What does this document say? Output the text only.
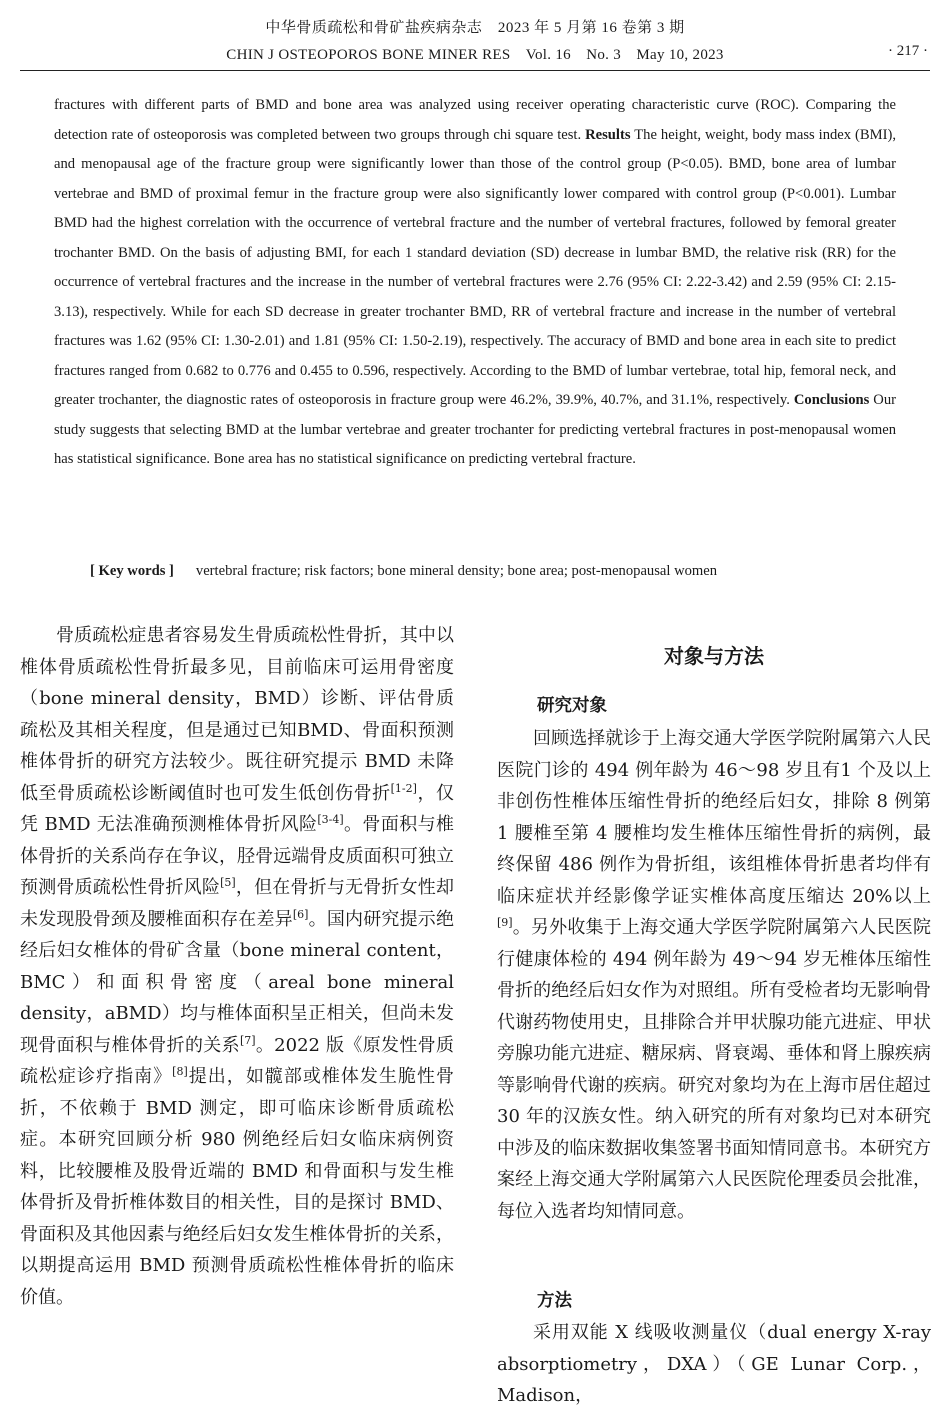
中华骨质疏松和骨矿盐疾病杂志　2023 年 5 月第 16 卷第 3 期
CHIN J OSTEOPOROS BONE MINER RES　Vol. 16　No. 3　May 10, 2023	· 217 ·

fractures with different parts of BMD and bone area was analyzed using receiver operating characteristic curve (ROC). Comparing the detection rate of osteoporosis was completed between two groups through chi square test. Results The height, weight, body mass index (BMI), and menopausal age of the fracture group were significantly lower than those of the control group (P<0.05). BMD, bone area of lumbar vertebrae and BMD of proximal femur in the fracture group were also significantly lower compared with control group (P<0.001). Lumbar BMD had the highest correlation with the occurrence of vertebral fracture and the number of vertebral fractures, followed by femoral greater trochanter BMD. On the basis of adjusting BMI, for each 1 standard deviation (SD) decrease in lumbar BMD, the relative risk (RR) for the occurrence of vertebral fractures and the increase in the number of vertebral fractures were 2.76 (95% CI: 2.22-3.42) and 2.59 (95% CI: 2.15-3.13), respectively. While for each SD decrease in greater trochanter BMD, RR of vertebral fracture and increase in the number of vertebral fractures was 1.62 (95% CI: 1.30-2.01) and 1.81 (95% CI: 1.50-2.19), respectively. The accuracy of BMD and bone area in each site to predict fractures ranged from 0.682 to 0.776 and 0.455 to 0.596, respectively. According to the BMD of lumbar vertebrae, total hip, femoral neck, and greater trochanter, the diagnostic rates of osteoporosis in fracture group were 46.2%, 39.9%, 40.7%, and 31.1%, respectively. Conclusions Our study suggests that selecting BMD at the lumbar vertebrae and greater trochanter for predicting vertebral fractures in post-menopausal women has statistical significance. Bone area has no statistical significance on predicting vertebral fracture.

[ Key words ] vertebral fracture; risk factors; bone mineral density; bone area; post-menopausal women

骨质疏松症患者容易发生骨质疏松性骨折，其中以椎体骨质疏松性骨折最多见，目前临床可运用骨密度（bone mineral density，BMD）诊断、评估骨质疏松及其相关程度，但是通过已知BMD、骨面积预测椎体骨折的研究方法较少。既往研究提示 BMD 未降低至骨质疏松诊断阈值时也可发生低创伤骨折[1-2]，仅凭 BMD 无法准确预测椎体骨折风险[3-4]。骨面积与椎体骨折的关系尚存在争议，胫骨远端骨皮质面积可独立预测骨质疏松性骨折风险[5]，但在骨折与无骨折女性却未发现股骨颈及腰椎面积存在差异[6]。国内研究提示绝经后妇女椎体的骨矿含量（bone mineral content，BMC）和面积骨密度（areal bone mineral density，aBMD）均与椎体面积呈正相关，但尚未发现骨面积与椎体骨折的关系[7]。2022 版《原发性骨质疏松症诊疗指南》[8]提出，如髋部或椎体发生脆性骨折，不依赖于 BMD 测定，即可临床诊断骨质疏松症。本研究回顾分析 980 例绝经后妇女临床病例资料，比较腰椎及股骨近端的 BMD 和骨面积与发生椎体骨折及骨折椎体数目的相关性，目的是探讨 BMD、骨面积及其他因素与绝经后妇女发生椎体骨折的关系，以期提高运用 BMD 预测骨质疏松性椎体骨折的临床价值。

对象与方法
研究对象

回顾选择就诊于上海交通大学医学院附属第六人民医院门诊的 494 例年龄为 46～98 岁且有1 个及以上非创伤性椎体压缩性骨折的绝经后妇女，排除 8 例第 1 腰椎至第 4 腰椎均发生椎体压缩性骨折的病例，最终保留 486 例作为骨折组，该组椎体骨折患者均伴有临床症状并经影像学证实椎体高度压缩达 20%以上[9]。另外收集于上海交通大学医学院附属第六人民医院行健康体检的 494 例年龄为 49～94 岁无椎体压缩性骨折的绝经后妇女作为对照组。所有受检者均无影响骨代谢药物使用史，且排除合并甲状腺功能亢进症、甲状旁腺功能亢进症、糖尿病、肾衰竭、垂体和肾上腺疾病等影响骨代谢的疾病。研究对象均为在上海市居住超过 30 年的汉族女性。纳入研究的所有对象均已对本研究中涉及的临床数据收集签署书面知情同意书。本研究方案经上海交通大学附属第六人民医院伦理委员会批准，每位入选者均知情同意。

方法

采用双能 X 线吸收测量仪（dual energy X-ray absorptiometry，DXA）（GE Lunar Corp.，Madison，
